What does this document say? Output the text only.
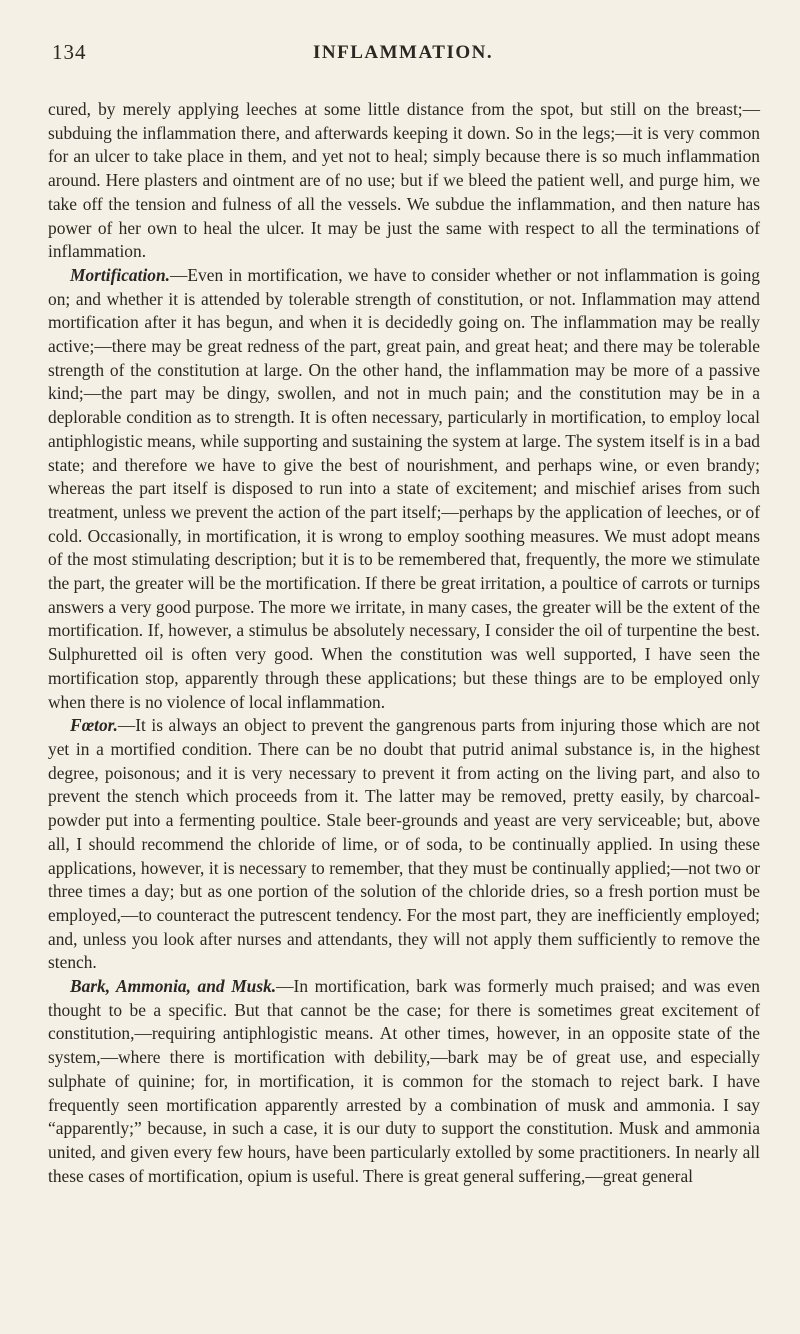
134	INFLAMMATION.

cured, by merely applying leeches at some little distance from the spot, but still on the breast;—subduing the inflammation there, and afterwards keeping it down. So in the legs;—it is very common for an ulcer to take place in them, and yet not to heal; simply because there is so much inflammation around. Here plasters and ointment are of no use; but if we bleed the patient well, and purge him, we take off the tension and fulness of all the vessels. We subdue the inflammation, and then nature has power of her own to heal the ulcer. It may be just the same with respect to all the terminations of inflammation.

Mortification.—Even in mortification, we have to consider whether or not inflammation is going on; and whether it is attended by tolerable strength of constitution, or not. Inflammation may attend mortification after it has begun, and when it is decidedly going on. The inflammation may be really active;—there may be great redness of the part, great pain, and great heat; and there may be tolerable strength of the constitution at large. On the other hand, the inflammation may be more of a passive kind;—the part may be dingy, swollen, and not in much pain; and the constitution may be in a deplorable condition as to strength. It is often necessary, particularly in mortification, to employ local antiphlogistic means, while supporting and sustaining the system at large. The system itself is in a bad state; and therefore we have to give the best of nourishment, and perhaps wine, or even brandy; whereas the part itself is disposed to run into a state of excitement; and mischief arises from such treatment, unless we prevent the action of the part itself;—perhaps by the application of leeches, or of cold. Occasionally, in mortification, it is wrong to employ soothing measures. We must adopt means of the most stimulating description; but it is to be remembered that, frequently, the more we stimulate the part, the greater will be the mortification. If there be great irritation, a poultice of carrots or turnips answers a very good purpose. The more we irritate, in many cases, the greater will be the extent of the mortification. If, however, a stimulus be absolutely necessary, I consider the oil of turpentine the best. Sulphuretted oil is often very good. When the constitution was well supported, I have seen the mortification stop, apparently through these applications; but these things are to be employed only when there is no violence of local inflammation.

Fœtor.—It is always an object to prevent the gangrenous parts from injuring those which are not yet in a mortified condition. There can be no doubt that putrid animal substance is, in the highest degree, poisonous; and it is very necessary to prevent it from acting on the living part, and also to prevent the stench which proceeds from it. The latter may be removed, pretty easily, by charcoal-powder put into a fermenting poultice. Stale beer-grounds and yeast are very serviceable; but, above all, I should recommend the chloride of lime, or of soda, to be continually applied. In using these applications, however, it is necessary to remember, that they must be continually applied;—not two or three times a day; but as one portion of the solution of the chloride dries, so a fresh portion must be employed,—to counteract the putrescent tendency. For the most part, they are inefficiently employed; and, unless you look after nurses and attendants, they will not apply them sufficiently to remove the stench.

Bark, Ammonia, and Musk.—In mortification, bark was formerly much praised; and was even thought to be a specific. But that cannot be the case; for there is sometimes great excitement of constitution,—requiring antiphlogistic means. At other times, however, in an opposite state of the system,—where there is mortification with debility,—bark may be of great use, and especially sulphate of quinine; for, in mortification, it is common for the stomach to reject bark. I have frequently seen mortification apparently arrested by a combination of musk and ammonia. I say “apparently;” because, in such a case, it is our duty to support the constitution. Musk and ammonia united, and given every few hours, have been particularly extolled by some practitioners. In nearly all these cases of mortification, opium is useful. There is great general suffering,—great general
